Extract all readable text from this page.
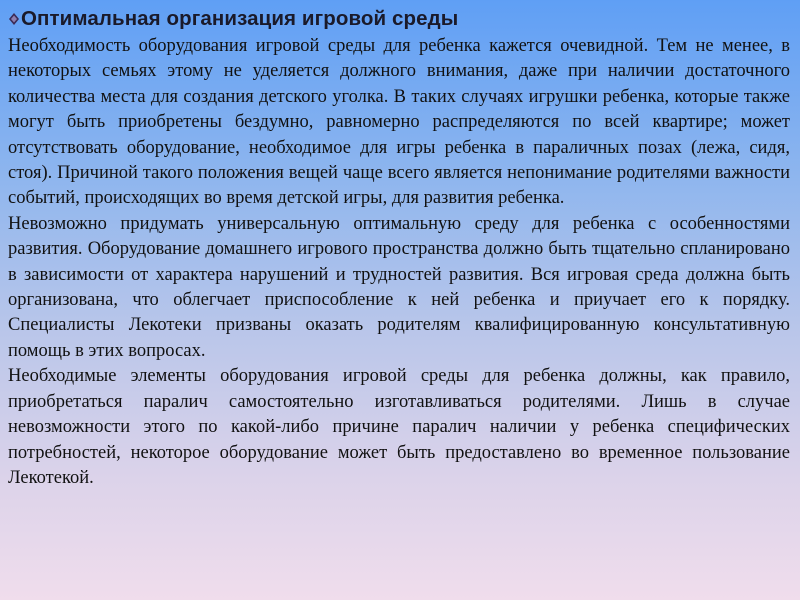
Оптимальная организация игровой среды

Необходимость оборудования игровой среды для ребенка кажется очевидной. Тем не менее, в некоторых семьях этому не уделяется должного внимания, даже при наличии достаточного количества места для создания детского уголка. В таких случаях игрушки ребенка, которые также могут быть приобретены бездумно, равномерно распределяются по всей квартире; может отсутствовать оборудование, необходимое для игры ребенка в параличных позах (лежа, сидя, стоя). Причиной такого положения вещей чаще всего является непонимание родителями важности событий, происходящих во время детской игры, для развития ребенка.

Невозможно придумать универсальную оптимальную среду для ребенка с особенностями развития. Оборудование домашнего игрового пространства должно быть тщательно спланировано в зависимости от характера нарушений и трудностей развития. Вся игровая среда должна быть организована, что облегчает приспособление к ней ребенка и приучает его к порядку. Специалисты Лекотеки призваны оказать родителям квалифицированную консультативную помощь в этих вопросах.

Необходимые элементы оборудования игровой среды для ребенка должны, как правило, приобретаться паралич самостоятельно изготавливаться родителями. Лишь в случае невозможности этого по какой-либо причине паралич наличии у ребенка специфических потребностей, некоторое оборудование может быть предоставлено во временное пользование Лекотекой.
